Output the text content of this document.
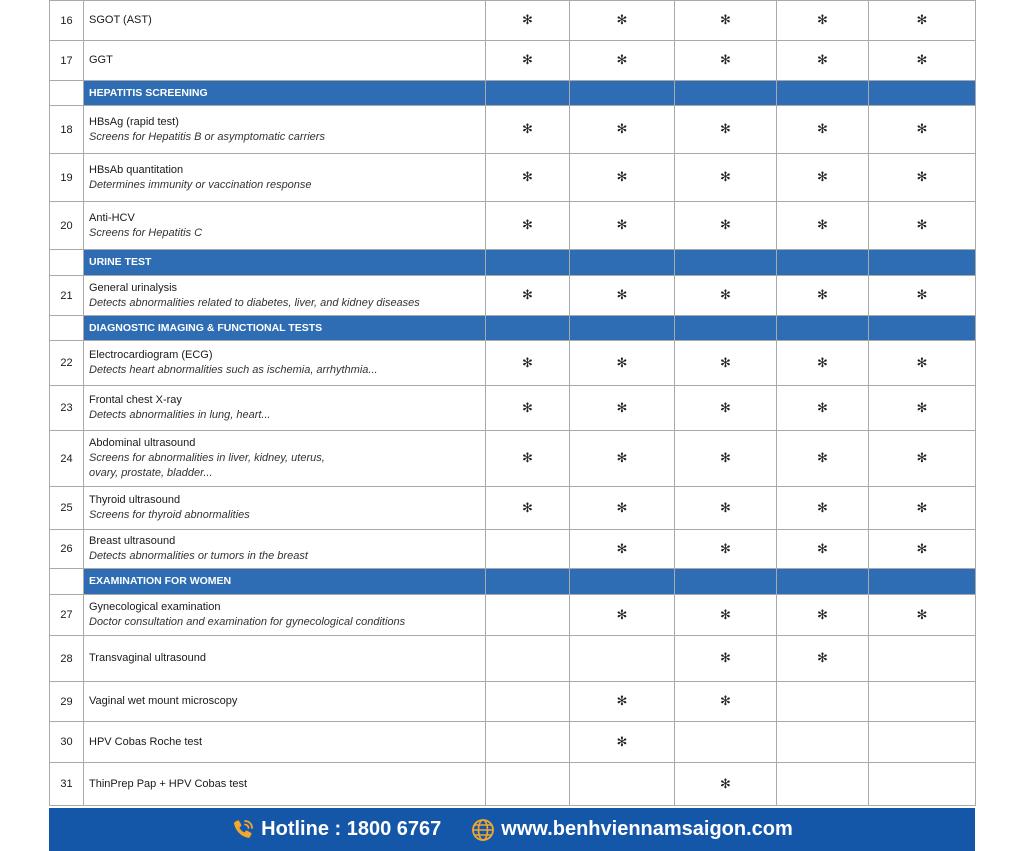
16	SGOT (AST)	✻	✻	✻	✻	✻
17	GGT	✻	✻	✻	✻	✻
	HEPATITIS SCREENING					
18	HBsAg (rapid test)
Screens for Hepatitis B or asymptomatic carriers	✻	✻	✻	✻	✻
19	HBsAb quantitation
Determines immunity or vaccination response	✻	✻	✻	✻	✻
20	Anti-HCV
Screens for Hepatitis C	✻	✻	✻	✻	✻
	URINE TEST					
21	General urinalysis
Detects abnormalities related to diabetes, liver, and kidney diseases	✻	✻	✻	✻	✻
	DIAGNOSTIC IMAGING & FUNCTIONAL TESTS					
22	Electrocardiogram (ECG)
Detects heart abnormalities such as ischemia, arrhythmia...	✻	✻	✻	✻	✻
23	Frontal chest X-ray
Detects abnormalities in lung, heart...	✻	✻	✻	✻	✻
24	Abdominal ultrasound
Screens for abnormalities in liver, kidney, uterus,
ovary, prostate, bladder...	✻	✻	✻	✻	✻
25	Thyroid ultrasound
Screens for thyroid abnormalities	✻	✻	✻	✻	✻
26	Breast ultrasound
Detects abnormalities or tumors in the breast		✻	✻	✻	✻
	EXAMINATION FOR WOMEN					
27	Gynecological examination
Doctor consultation and examination for gynecological conditions		✻	✻	✻	✻
28	Transvaginal ultrasound			✻	✻	
29	Vaginal wet mount microscopy		✻	✻		
30	HPV Cobas Roche test		✻			
31	ThinPrep Pap + HPV Cobas test			✻		
Hotline : 1800 6767	www.benhviennamsaigon.com
